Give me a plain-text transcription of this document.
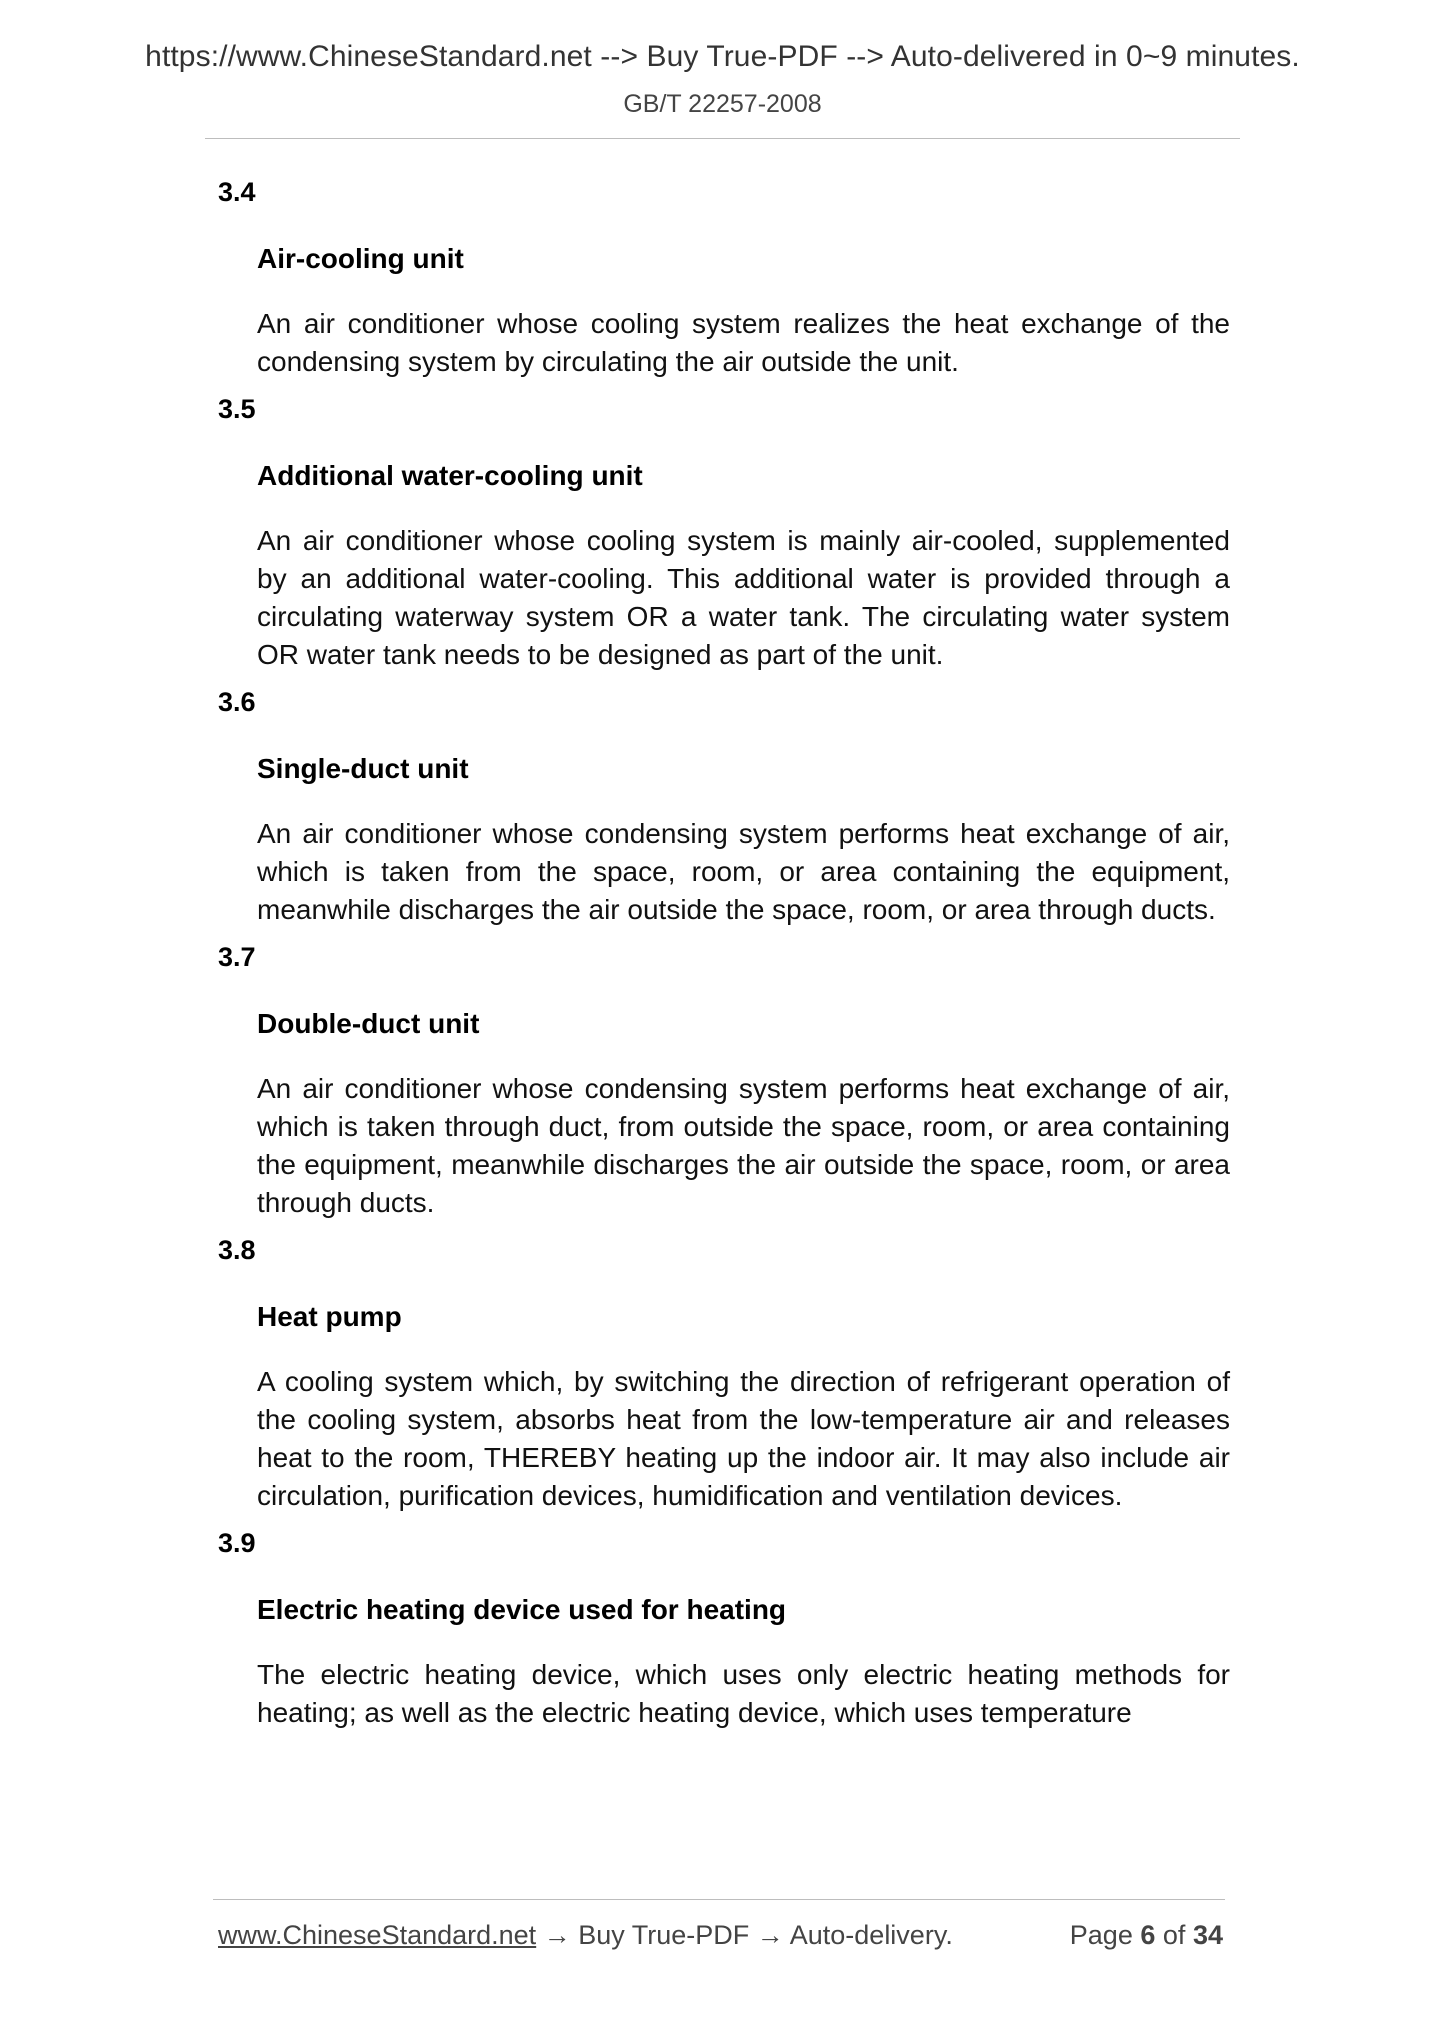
https://www.ChineseStandard.net --> Buy True-PDF --> Auto-delivered in 0~9 minutes.
GB/T 22257-2008
3.4
Air-cooling unit
An air conditioner whose cooling system realizes the heat exchange of the condensing system by circulating the air outside the unit.
3.5
Additional water-cooling unit
An air conditioner whose cooling system is mainly air-cooled, supplemented by an additional water-cooling. This additional water is provided through a circulating waterway system OR a water tank. The circulating water system OR water tank needs to be designed as part of the unit.
3.6
Single-duct unit
An air conditioner whose condensing system performs heat exchange of air, which is taken from the space, room, or area containing the equipment, meanwhile discharges the air outside the space, room, or area through ducts.
3.7
Double-duct unit
An air conditioner whose condensing system performs heat exchange of air, which is taken through duct, from outside the space, room, or area containing the equipment, meanwhile discharges the air outside the space, room, or area through ducts.
3.8
Heat pump
A cooling system which, by switching the direction of refrigerant operation of the cooling system, absorbs heat from the low-temperature air and releases heat to the room, THEREBY heating up the indoor air. It may also include air circulation, purification devices, humidification and ventilation devices.
3.9
Electric heating device used for heating
The electric heating device, which uses only electric heating methods for heating; as well as the electric heating device, which uses temperature
www.ChineseStandard.net → Buy True-PDF → Auto-delivery.	Page 6 of 34
